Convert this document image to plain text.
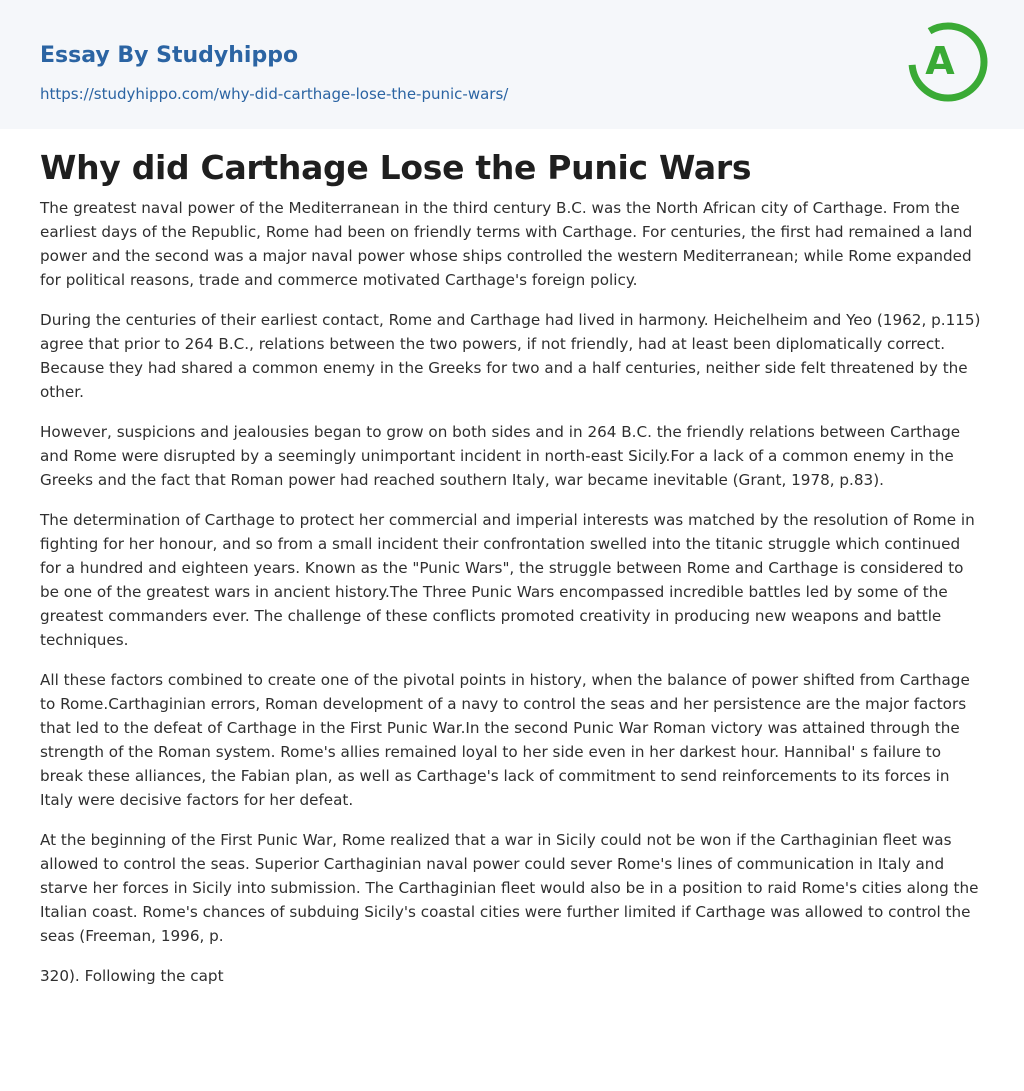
Essay By Studyhippo
https://studyhippo.com/why-did-carthage-lose-the-punic-wars/
A
Why did Carthage Lose the Punic Wars

The greatest naval power of the Mediterranean in the third century B.C. was the North African city of Carthage. From the earliest days of the Republic, Rome had been on friendly terms with Carthage. For centuries, the first had remained a land power and the second was a major naval power whose ships controlled the western Mediterranean; while Rome expanded for political reasons, trade and commerce motivated Carthage's foreign policy.

During the centuries of their earliest contact, Rome and Carthage had lived in harmony. Heichelheim and Yeo (1962, p.115) agree that prior to 264 B.C., relations between the two powers, if not friendly, had at least been diplomatically correct. Because they had shared a common enemy in the Greeks for two and a half centuries, neither side felt threatened by the other.

However, suspicions and jealousies began to grow on both sides and in 264 B.C. the friendly relations between Carthage and Rome were disrupted by a seemingly unimportant incident in north-east Sicily.For a lack of a common enemy in the Greeks and the fact that Roman power had reached southern Italy, war became inevitable (Grant, 1978, p.83).

The determination of Carthage to protect her commercial and imperial interests was matched by the resolution of Rome in fighting for her honour, and so from a small incident their confrontation swelled into the titanic struggle which continued for a hundred and eighteen years. Known as the "Punic Wars", the struggle between Rome and Carthage is considered to be one of the greatest wars in ancient history.The Three Punic Wars encompassed incredible battles led by some of the greatest commanders ever. The challenge of these conflicts promoted creativity in producing new weapons and battle techniques.

All these factors combined to create one of the pivotal points in history, when the balance of power shifted from Carthage to Rome.Carthaginian errors, Roman development of a navy to control the seas and her persistence are the major factors that led to the defeat of Carthage in the First Punic War.In the second Punic War Roman victory was attained through the strength of the Roman system. Rome's allies remained loyal to her side even in her darkest hour. Hannibal' s failure to break these alliances, the Fabian plan, as well as Carthage's lack of commitment to send reinforcements to its forces in Italy were decisive factors for her defeat.

At the beginning of the First Punic War, Rome realized that a war in Sicily could not be won if the Carthaginian fleet was allowed to control the seas. Superior Carthaginian naval power could sever Rome's lines of communication in Italy and starve her forces in Sicily into submission. The Carthaginian fleet would also be in a position to raid Rome's cities along the Italian coast. Rome's chances of subduing Sicily's coastal cities were further limited if Carthage was allowed to control the seas (Freeman, 1996, p.

320). Following the capt
